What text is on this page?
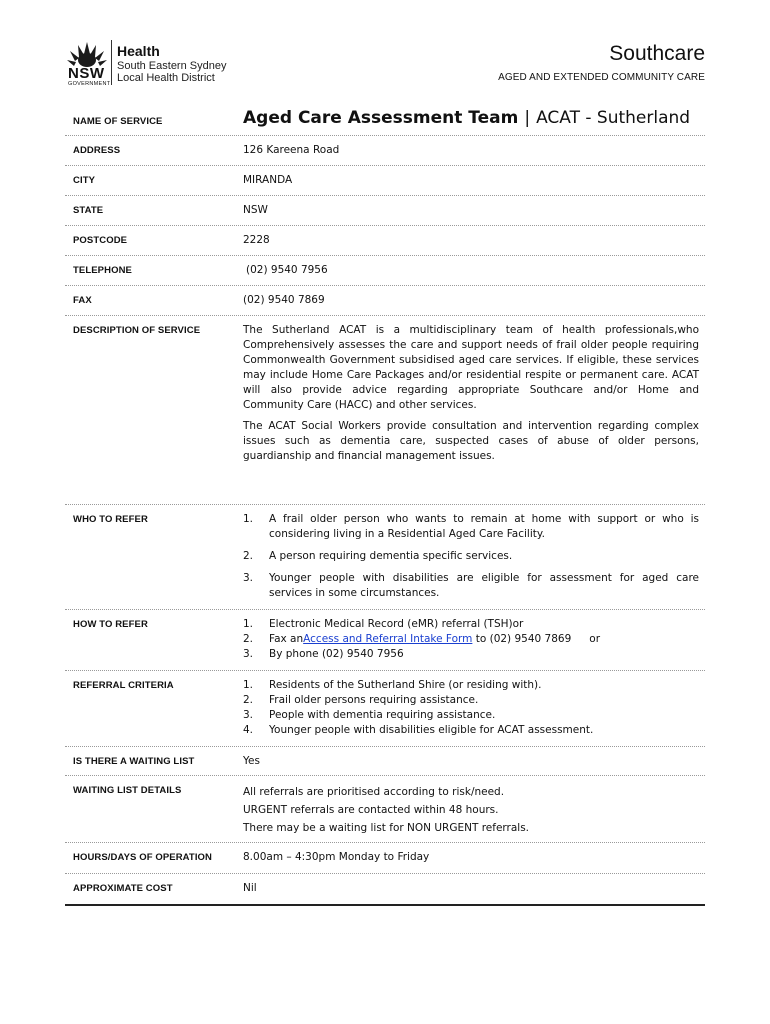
NSW
GOVERNMENT
Health
South Eastern Sydney
Local Health District
Southcare
AGED AND EXTENDED COMMUNITY CARE
NAME OF SERVICE	Aged Care Assessment Team | ACAT - Sutherland
ADDRESS	126 Kareena Road
CITY	MIRANDA
STATE	NSW
POSTCODE	2228
TELEPHONE	(02) 9540 7956
FAX	(02) 9540 7869
DESCRIPTION OF SERVICE	The Sutherland ACAT is a multidisciplinary team of health professionals,who Comprehensively assesses the care and support needs of frail older people requiring Commonwealth Government subsidised aged care services. If eligible, these services may include Home Care Packages and/or residential respite or permanent care. ACAT will also provide advice regarding appropriate Southcare and/or Home and Community Care (HACC) and other services.

The ACAT Social Workers provide consultation and intervention regarding complex issues such as dementia care, suspected cases of abuse of older persons, guardianship and financial management issues.

WHO TO REFER	1. A frail older person who wants to remain at home with support or who is considering living in a Residential Aged Care Facility.
2. A person requiring dementia specific services.
3. Younger people with disabilities are eligible for assessment for aged care services in some circumstances.
HOW TO REFER	1. Electronic Medical Record (eMR) referral (TSH)or
2. Fax anAccess and Referral Intake Form to (02) 9540 7869 or
3. By phone (02) 9540 7956
REFERRAL CRITERIA	1. Residents of the Sutherland Shire (or residing with).
2. Frail older persons requiring assistance.
3. People with dementia requiring assistance.
4. Younger people with disabilities eligible for ACAT assessment.
IS THERE A WAITING LIST	Yes
WAITING LIST DETAILS	All referrals are prioritised according to risk/need.
URGENT referrals are contacted within 48 hours.
There may be a waiting list for NON URGENT referrals.
HOURS/DAYS OF OPERATION	8.00am – 4:30pm Monday to Friday
APPROXIMATE COST	Nil
